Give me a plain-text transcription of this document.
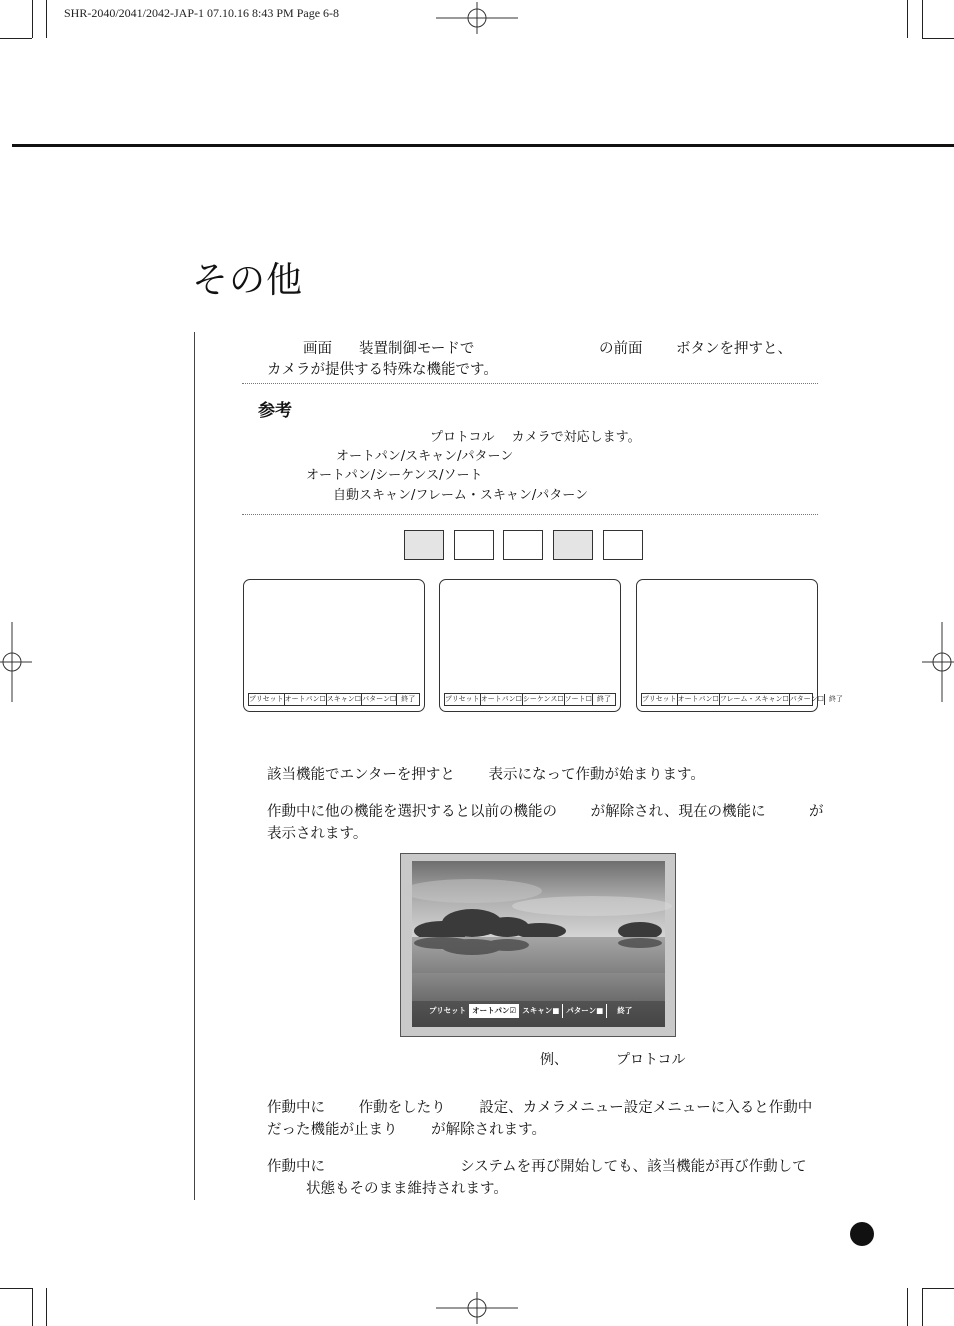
SHR-2040/2041/2042-JAP-1 07.10.16 8:43 PM Page 6-8
その他
画面 装置制御モードで	の前面 ボタンを押すと、
カメラが提供する特殊な機能です。
参考
プロトコル　 カメラで対応します。
オートパン/スキャン/パターン
オートパン/シーケンス/ソート
自動スキャン/フレーム・スキャン/パターン
プリセット オートパン☐ スキャン☐ パターン☐ 終了	プリセット オートパン☐ シーケンス☐ ソート☐ 終了	プリセット オートパン☐ フレーム・スキャン☐ パターン☐ 終了
該当機能でエンターを押すと　　 表示になって作動が始まります。
作動中に他の機能を選択すると以前の機能の　　 が解除され、現在の機能に　　　が
表示されます。
プリセット オートパン☑ スキャン■ パターン■	終了
例、	プロトコル
作動中に　　 作動をしたり　　 設定、カメラメニュー設定メニューに入ると作動中
だった機能が止まり　　 が解除されます。
作動中に　　　　　　　　　 システムを再び開始しても、該当機能が再び作動して
状態もそのまま維持されます。
